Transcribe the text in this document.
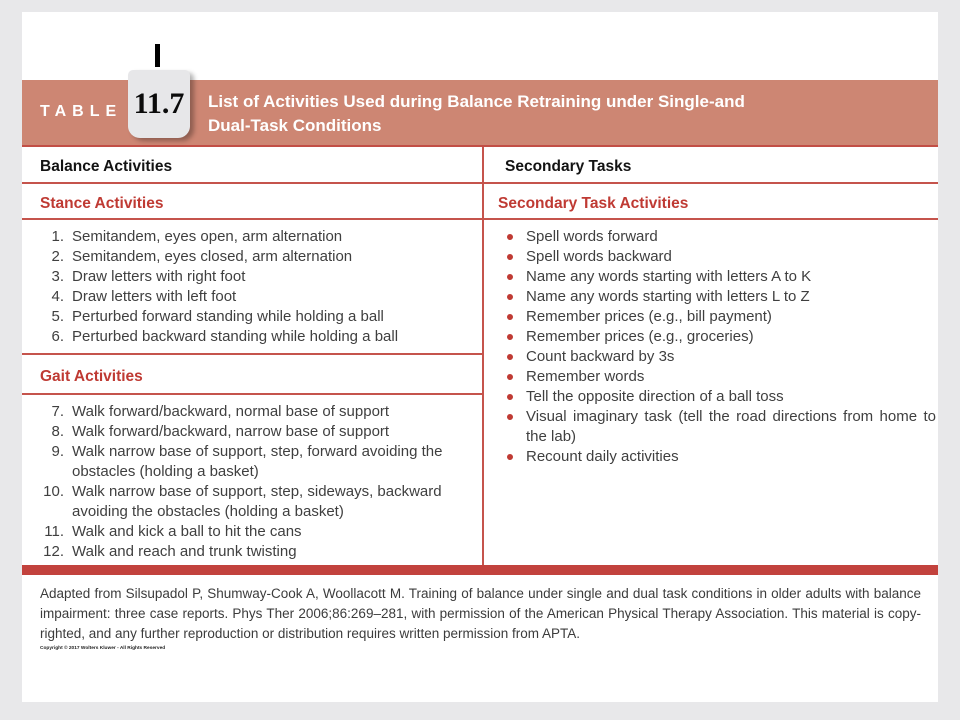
TABLE
List of Activities Used during Balance Retraining under Single-and
Dual-Task Conditions
11.7
Balance Activities	Secondary Tasks
Stance Activities	Secondary Task Activities
1. Semitandem, eyes open, arm alternation
2. Semitandem, eyes closed, arm alternation
3. Draw letters with right foot
4. Draw letters with left foot
5. Perturbed forward standing while holding a ball
6. Perturbed backward standing while holding a ball
Gait Activities
7. Walk forward/backward, normal base of support
8. Walk forward/backward, narrow base of support
9. Walk narrow base of support, step, forward avoiding the obstacles (holding a basket)
10. Walk narrow base of support, step, sideways, backward avoiding the obstacles (holding a basket)
11. Walk and kick a ball to hit the cans
12. Walk and reach and trunk twisting
Spell words forward
Spell words backward
Name any words starting with letters A to K
Name any words starting with letters L to Z
Remember prices (e.g., bill payment)
Remember prices (e.g., groceries)
Count backward by 3s
Remember words
Tell the opposite direction of a ball toss
Visual imaginary task (tell the road directions from home to the lab)
Recount daily activities
Adapted from Silsupadol P, Shumway-Cook A, Woollacott M. Training of balance under single and dual task conditions in older adults with balance
impairment: three case reports. Phys Ther 2006;86:269–281, with permission of the American Physical Therapy Association. This material is copy-
righted, and any further reproduction or distribution requires written permission from APTA.
Copyright © 2017 Wolters Kluwer - All Rights Reserved
